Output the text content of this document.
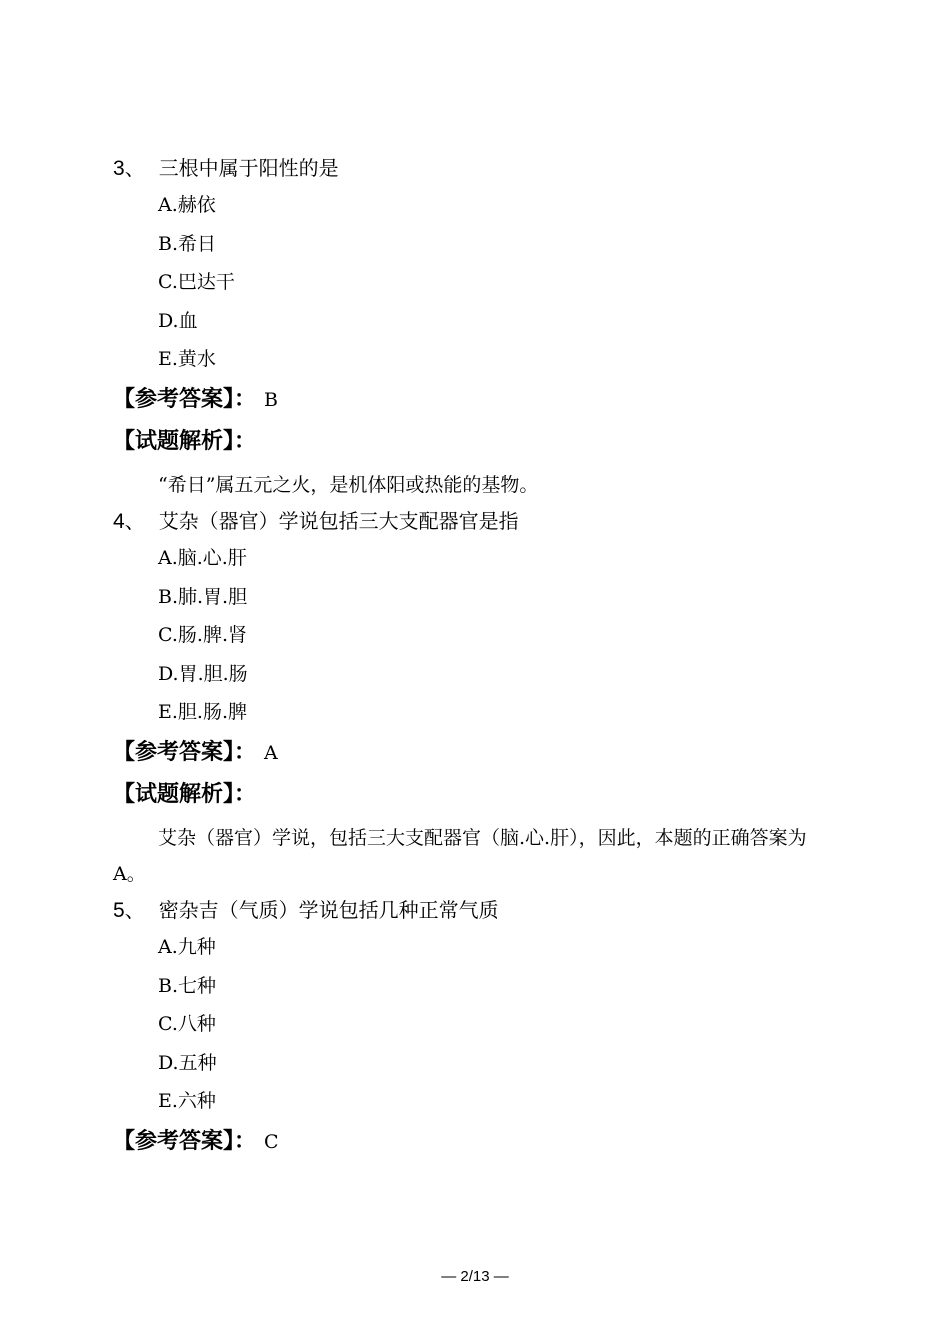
3、 三根中属于阳性的是
A.赫依
B.希日
C.巴达干
D.血
E.黄水
【参考答案】： B
【试题解析】：

“希日”属五元之火，是机体阳或热能的基物。

4、 艾杂（器官）学说包括三大支配器官是指
A.脑.心.肝
B.肺.胃.胆
C.肠.脾.肾
D.胃.胆.肠
E.胆.肠.脾
【参考答案】： A
【试题解析】：

艾杂（器官）学说，包括三大支配器官（脑.心.肝），因此，本题的正确答案为A。

5、 密杂吉（气质）学说包括几种正常气质
A.九种
B.七种
C.八种
D.五种
E.六种
【参考答案】： C
— 2/13 —
